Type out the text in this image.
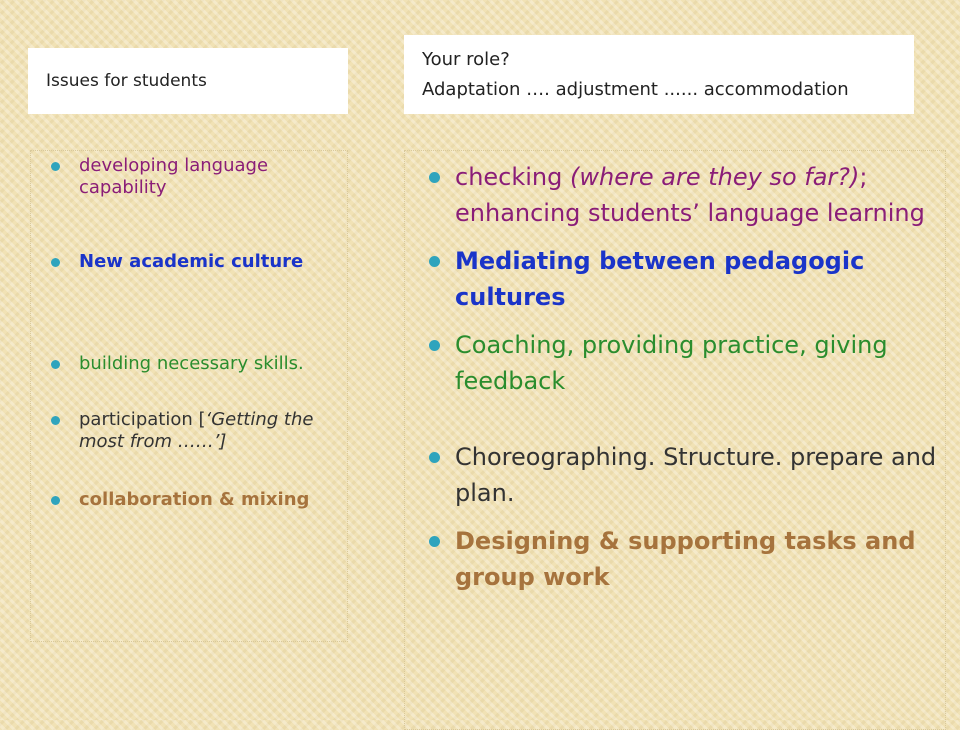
Issues for students
Your role?
Adaptation …. adjustment ...... accommodation
developing language capability
New academic culture
building necessary skills.
participation [‘Getting the most from ……’]
collaboration & mixing
checking (where are they so far?); enhancing students’ language learning
Mediating between pedagogic cultures
Coaching, providing practice, giving feedback
Choreographing. Structure. prepare and plan.
Designing & supporting tasks and group work
